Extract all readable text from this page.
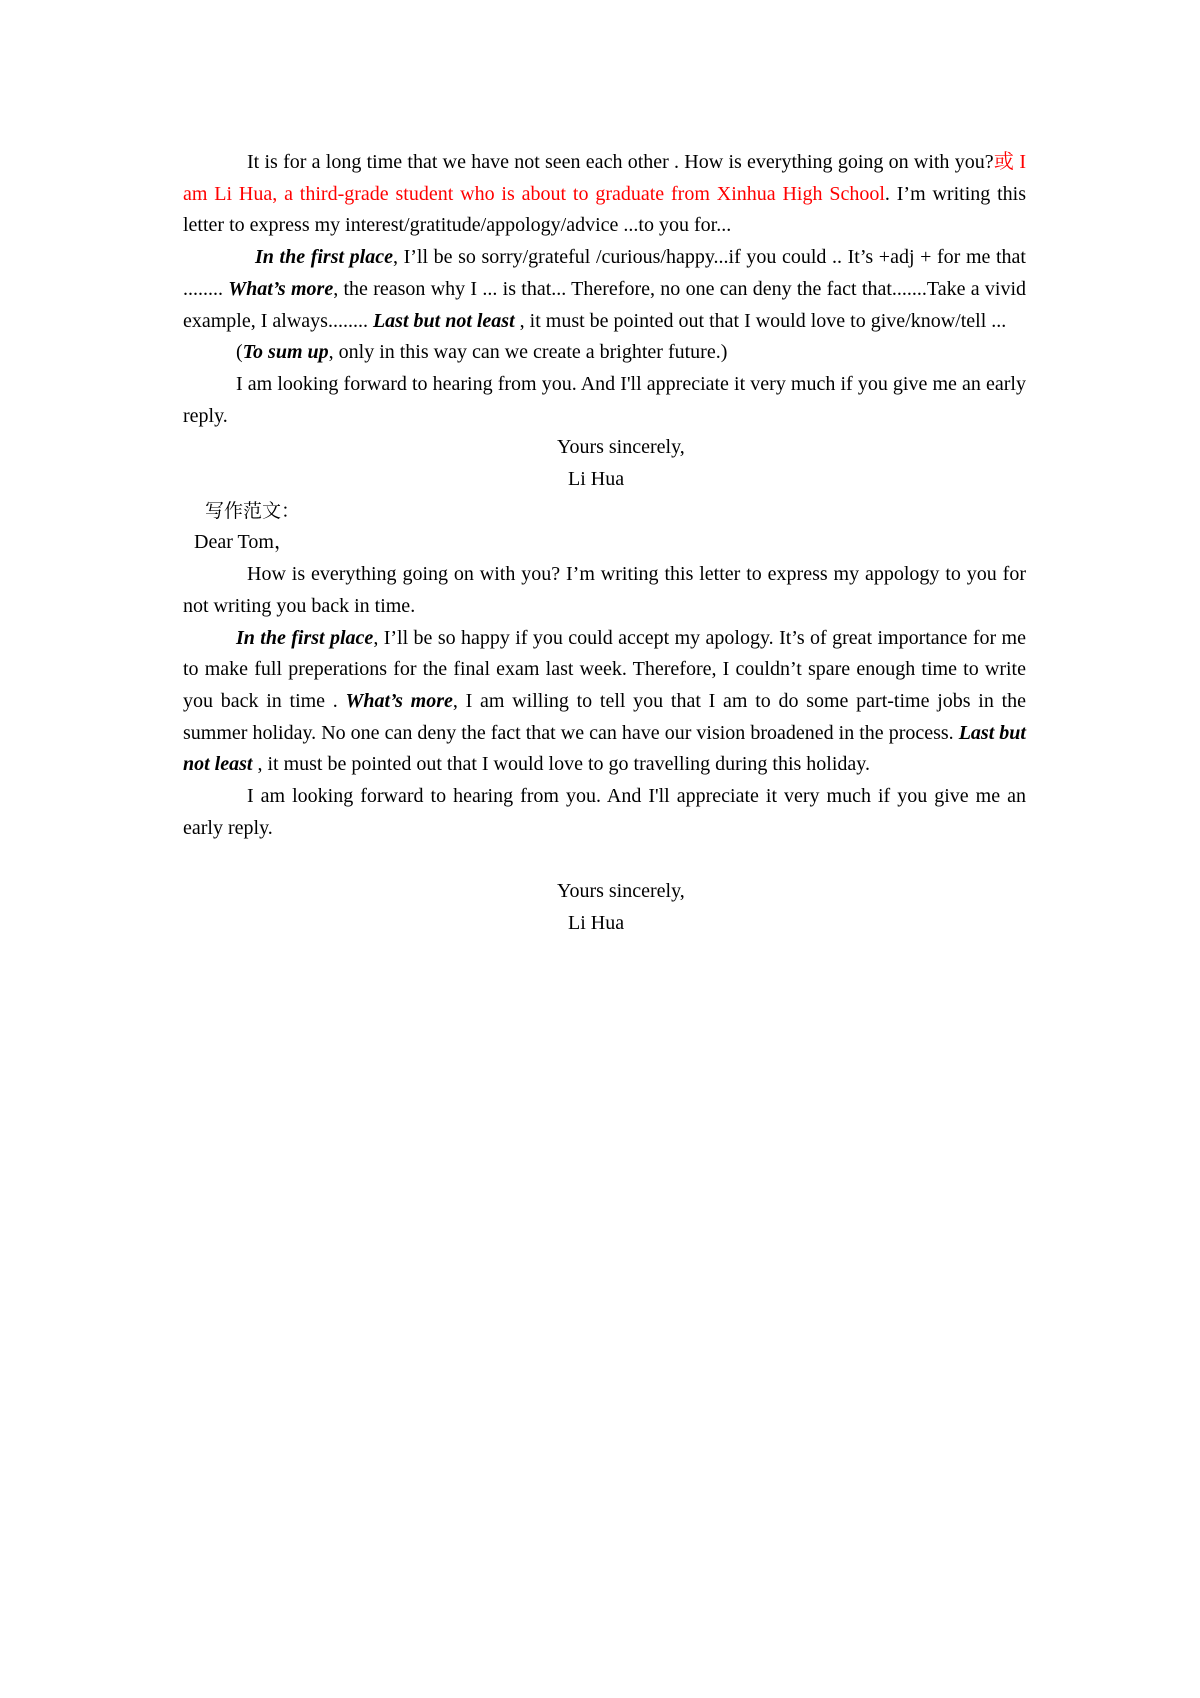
It is for a long time that we have not seen each other . How is everything going on with you?或 I am Li Hua, a third-grade student who is about to graduate from Xinhua High School. I’m writing this letter to express my interest/gratitude/appology/advice ...to you for...

In the first place, I’ll be so sorry/grateful /curious/happy...if you could .. It’s +adj + for me that ........ What’s more, the reason why I ... is that... Therefore, no one can deny the fact that.......Take a vivid example, I always........ Last but not least , it must be pointed out that I would love to give/know/tell ...

(To sum up, only in this way can we create a brighter future.)

I am looking forward to hearing from you. And I'll appreciate it very much if you give me an early reply.

Yours sincerely,
Li Hua
写作范文：
Dear Tom，

How is everything going on with you? I’m writing this letter to express my appology to you for not writing you back in time.

In the first place, I’ll be so happy if you could accept my apology. It’s of great importance for me to make full preperations for the final exam last week. Therefore, I couldn’t spare enough time to write you back in time . What’s more, I am willing to tell you that I am to do some part-time jobs in the summer holiday. No one can deny the fact that we can have our vision broadened in the process. Last but not least , it must be pointed out that I would love to go travelling during this holiday.

I am looking forward to hearing from you. And I'll appreciate it very much if you give me an early reply.

Yours sincerely,
Li Hua
